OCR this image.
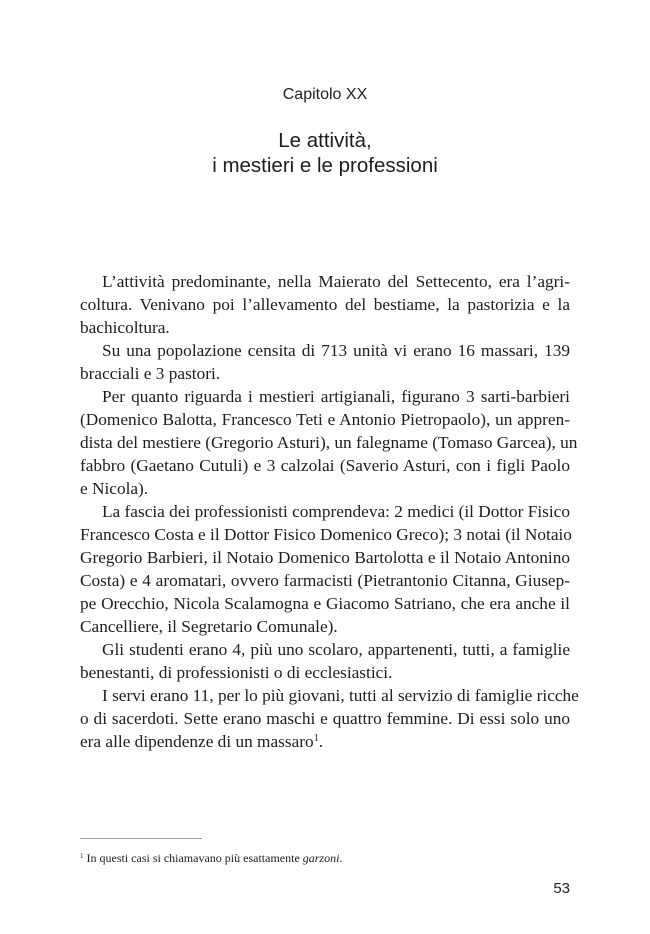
Capitolo XX
Le attività,
i mestieri e le professioni

L’attività predominante, nella Maierato del Settecento, era l’agri-
coltura. Venivano poi l’allevamento del bestiame, la pastorizia e la
bachicoltura.

Su una popolazione censita di 713 unità vi erano 16 massari, 139
bracciali e 3 pastori.

Per quanto riguarda i mestieri artigianali, figurano 3 sarti-barbieri
(Domenico Balotta, Francesco Teti e Antonio Pietropaolo), un appren-
dista del mestiere (Gregorio Asturi), un falegname (Tomaso Garcea), un
fabbro (Gaetano Cutuli) e 3 calzolai (Saverio Asturi, con i figli Paolo
e Nicola).

La fascia dei professionisti comprendeva: 2 medici (il Dottor Fisico
Francesco Costa e il Dottor Fisico Domenico Greco); 3 notai (il Notaio
Gregorio Barbieri, il Notaio Domenico Bartolotta e il Notaio Antonino
Costa) e 4 aromatari, ovvero farmacisti (Pietrantonio Citanna, Giusep-
pe Orecchio, Nicola Scalamogna e Giacomo Satriano, che era anche il
Cancelliere, il Segretario Comunale).

Gli studenti erano 4, più uno scolaro, appartenenti, tutti, a famiglie
benestanti, di professionisti o di ecclesiastici.

I servi erano 11, per lo più giovani, tutti al servizio di famiglie ricche
o di sacerdoti. Sette erano maschi e quattro femmine. Di essi solo uno
era alle dipendenze di un massaro$^1$.

$^1$ In questi casi si chiamavano più esattamente garzoni.
53
